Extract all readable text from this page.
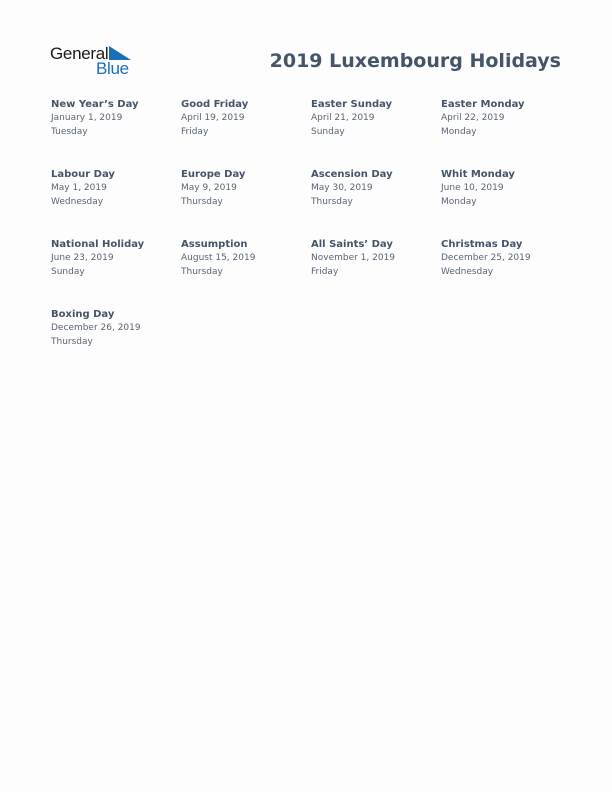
General
Blue	2019 Luxembourg Holidays
New Year’s Day
January 1, 2019
Tuesday
Good Friday
April 19, 2019
Friday
Easter Sunday
April 21, 2019
Sunday
Easter Monday
April 22, 2019
Monday
Labour Day
May 1, 2019
Wednesday
Europe Day
May 9, 2019
Thursday
Ascension Day
May 30, 2019
Thursday
Whit Monday
June 10, 2019
Monday
National Holiday
June 23, 2019
Sunday
Assumption
August 15, 2019
Thursday
All Saints’ Day
November 1, 2019
Friday
Christmas Day
December 25, 2019
Wednesday
Boxing Day
December 26, 2019
Thursday
